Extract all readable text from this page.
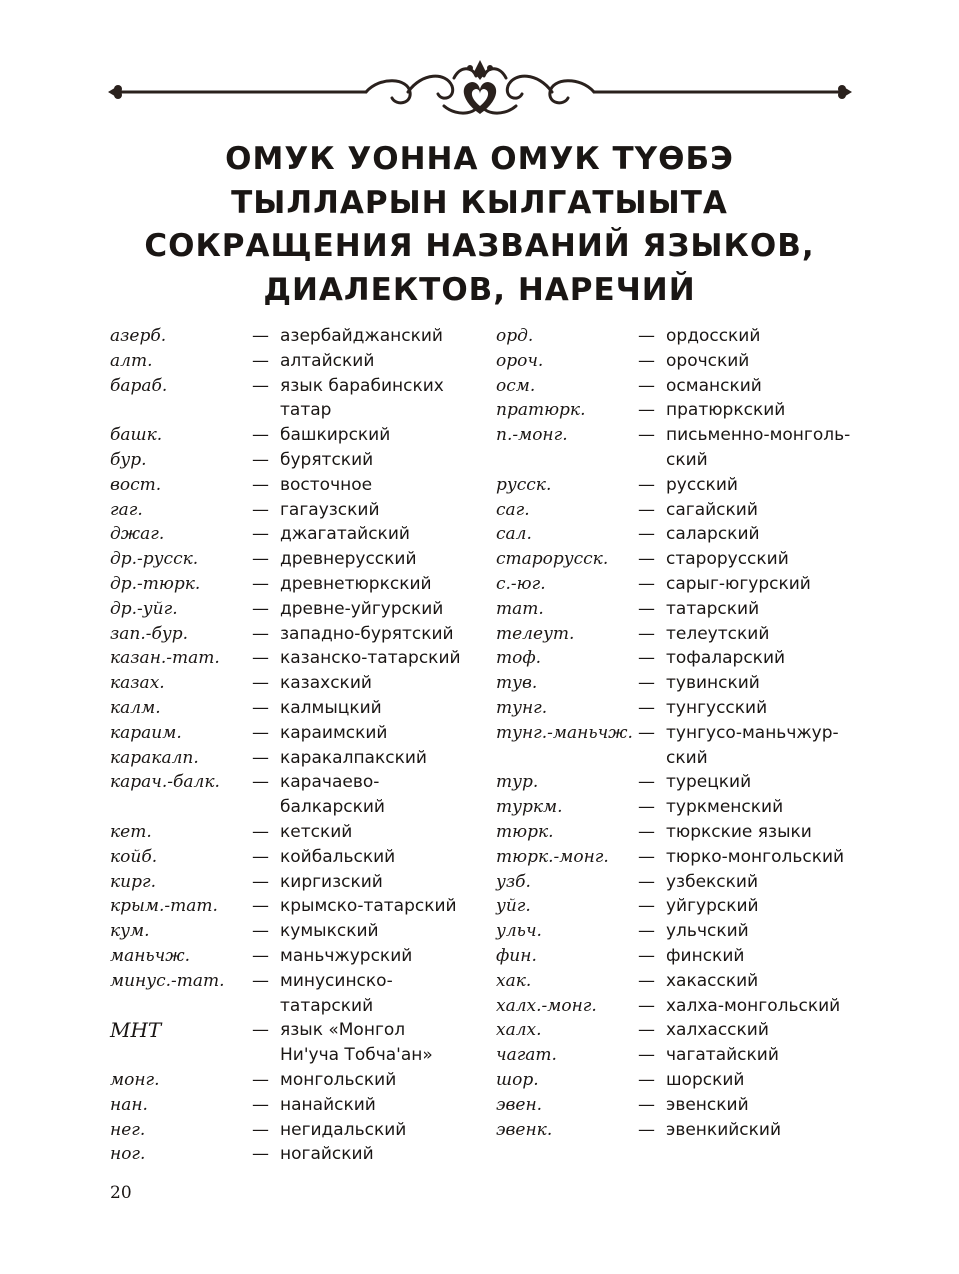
ОМУК УОННА ОМУК ТҮӨБЭ
ТЫЛЛАРЫН КЫЛГАТЫЫТА
СОКРАЩЕНИЯ НАЗВАНИЙ ЯЗЫКОВ,
ДИАЛЕКТОВ, НАРЕЧИЙ
азерб.	— азербайджанский
алт.	— алтайский
бараб.	— язык барабинских
татар
башк.	— башкирский
бур.	— бурятский
вост.	— восточное
гаг.	— гагаузский
джаг.	— джагатайский
др.-русск.	— древнерусский
др.-тюрк.	— древнетюркский
др.-уйг.	— древне-уйгурский
зап.-бур.	— западно-бурятский
казан.-тат.	— казанско-татарский
казах.	— казахский
калм.	— калмыцкий
караим.	— караимский
каракалп.	— каракалпакский
карач.-балк.	— карачаево-
балкарский
кет.	— кетский
койб.	— койбальский
кирг.	— киргизский
крым.-тат.	— крымско-татарский
кум.	— кумыкский
маньчж.	— маньчжурский
минус.-тат.	— минусинско-
татарский
МНТ	— язык «Монгол
Ни'уча Тобча'ан»
монг.	— монгольский
нан.	— нанайский
нег.	— негидальский
ног.	— ногайский
орд.	— ордосский
ороч.	— орочский
осм.	— османский
пратюрк.	— пратюркский
п.-монг.	— письменно-монголь-
ский
русск.	— русский
саг.	— сагайский
сал.	— саларский
старорусск.	— старорусский
с.-юг.	— сарыг-югурский
тат.	— татарский
телеут.	— телеутский
тоф.	— тофаларский
тув.	— тувинский
тунг.	— тунгусский
тунг.-маньчж. — тунгусо-маньчжур-
ский
тур.	— турецкий
туркм.	— туркменский
тюрк.	— тюркские языки
тюрк.-монг.	— тюрко-монгольский
узб.	— узбекский
уйг.	— уйгурский
ульч.	— ульчский
фин.	— финский
хак.	— хакасский
халх.-монг.	— халха-монгольский
халх.	— халхасский
чагат.	— чагатайский
шор.	— шорский
эвен.	— эвенский
эвенк.	— эвенкийский
20
